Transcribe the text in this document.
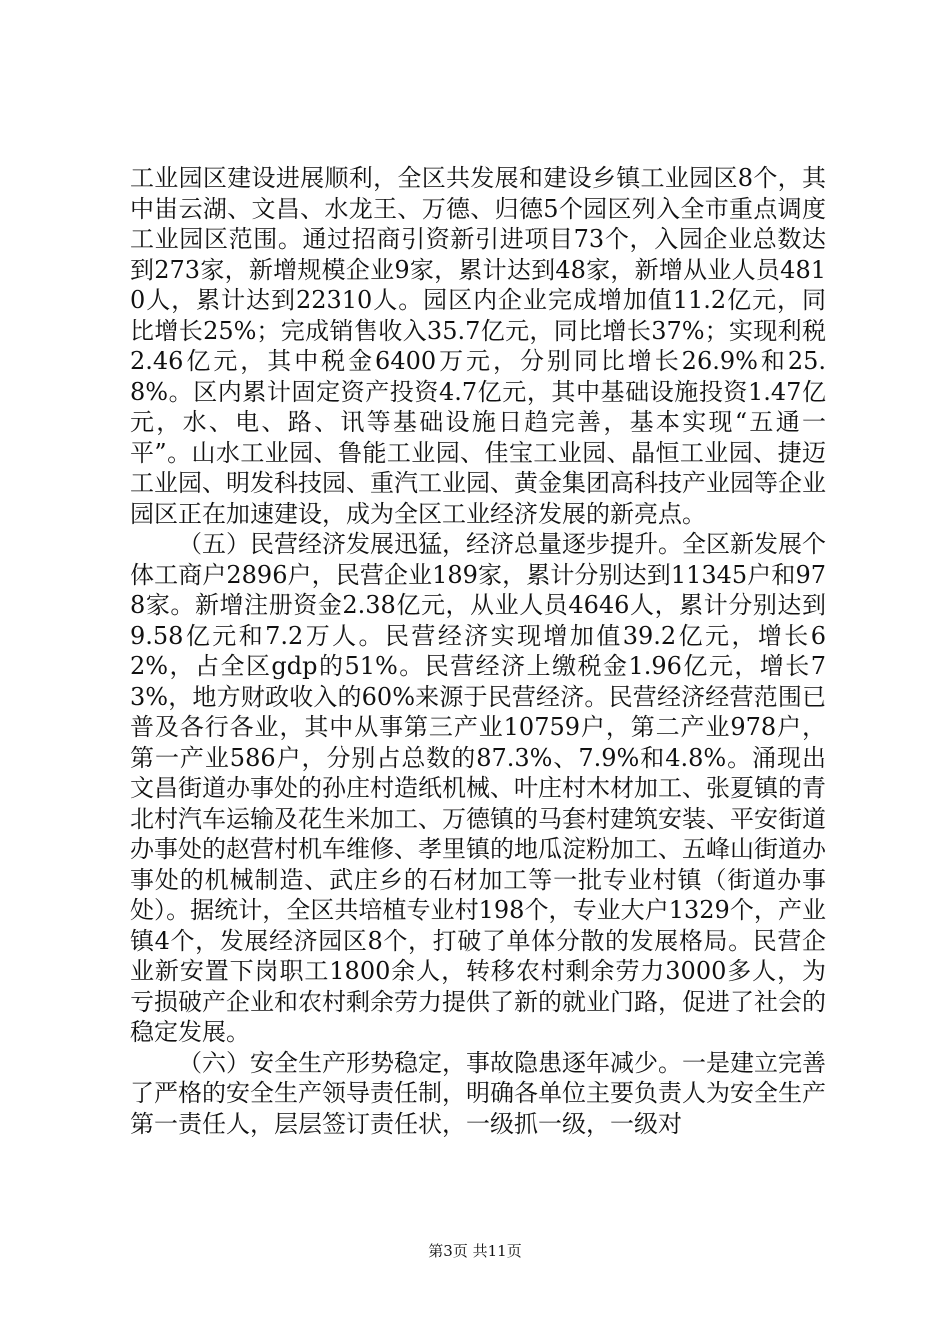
工业园区建设进展顺利，全区共发展和建设乡镇工业园区8个，其中峀云湖、文昌、水龙王、万德、归德5个园区列入全市重点调度工业园区范围。通过招商引资新引进项目73个，入园企业总数达到273家，新增规模企业9家，累计达到48家，新增从业人员4810人，累计达到22310人。园区内企业完成增加值11.2亿元，同比增长25%；完成销售收入35.7亿元，同比增长37%；实现利税2.46亿元，其中税金6400万元，分别同比增长26.9%和25.8%。区内累计固定资产投资4.7亿元，其中基础设施投资1.47亿元，水、电、路、讯等基础设施日趋完善，基本实现“五通一平”。山水工业园、鲁能工业园、佳宝工业园、晶恒工业园、捷迈工业园、明发科技园、重汽工业园、黄金集团高科技产业园等企业园区正在加速建设，成为全区工业经济发展的新亮点。

（五）民营经济发展迅猛，经济总量逐步提升。全区新发展个体工商户2896户，民营企业189家，累计分别达到11345户和978家。新增注册资金2.38亿元，从业人员4646人，累计分别达到9.58亿元和7.2万人。民营经济实现增加值39.2亿元，增长62%，占全区gdp的51%。民营经济上缴税金1.96亿元，增长73%，地方财政收入的60%来源于民营经济。民营经济经营范围已普及各行各业，其中从事第三产业10759户，第二产业978户，第一产业586户，分别占总数的87.3%、7.9%和4.8%。涌现出文昌街道办事处的孙庄村造纸机械、叶庄村木材加工、张夏镇的青北村汽车运输及花生米加工、万德镇的马套村建筑安装、平安街道办事处的赵营村机车维修、孝里镇的地瓜淀粉加工、五峰山街道办事处的机械制造、武庄乡的石材加工等一批专业村镇（街道办事处）。据统计，全区共培植专业村198个，专业大户1329个，产业镇4个，发展经济园区8个，打破了单体分散的发展格局。民营企业新安置下岗职工1800余人，转移农村剩余劳力3000多人，为亏损破产企业和农村剩余劳力提供了新的就业门路，促进了社会的稳定发展。

（六）安全生产形势稳定，事故隐患逐年减少。一是建立完善了严格的安全生产领导责任制，明确各单位主要负责人为安全生产第一责任人，层层签订责任状，一级抓一级，一级对

第3页 共11页
